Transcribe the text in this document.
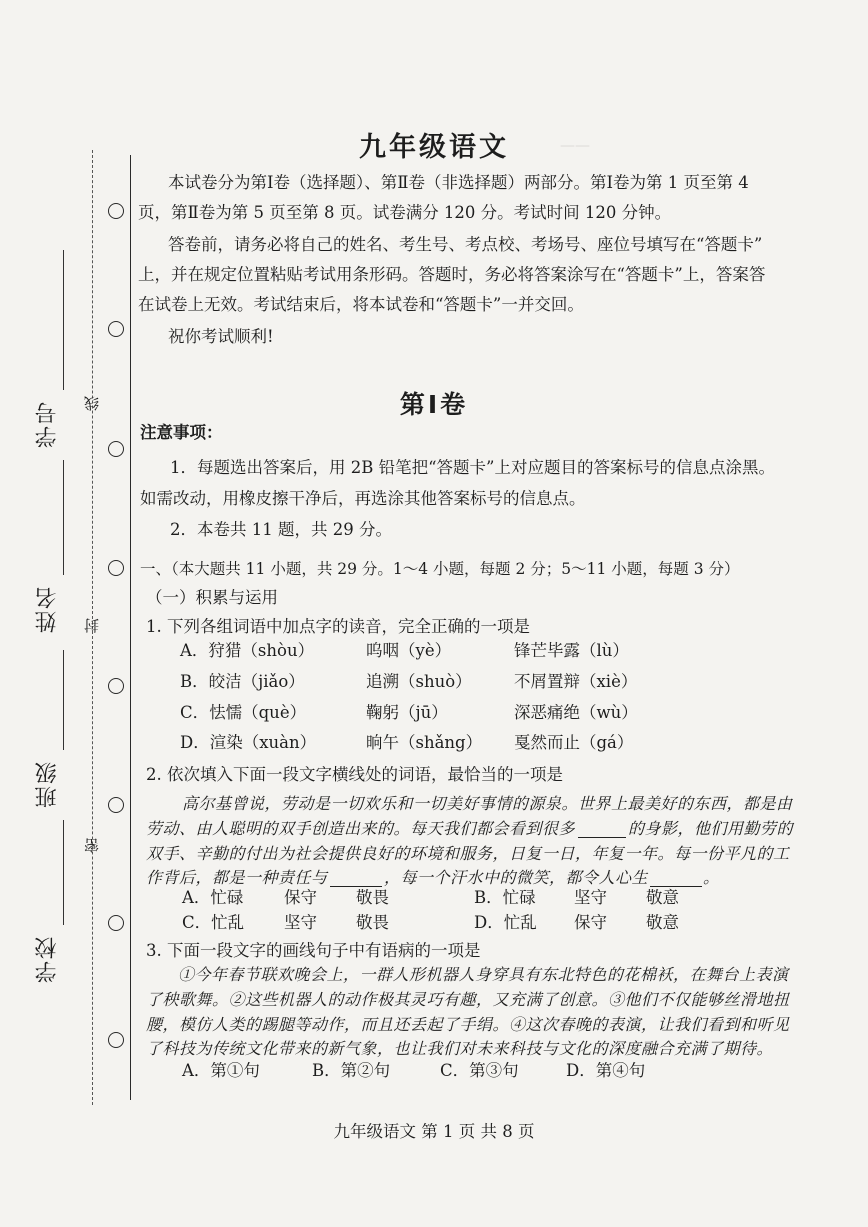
——
学号
姓名
班级
学校
线
封
密
九年级语文
本试卷分为第Ⅰ卷（选择题）、第Ⅱ卷（非选择题）两部分。第Ⅰ卷为第 1 页至第 4
页，第Ⅱ卷为第 5 页至第 8 页。试卷满分 120 分。考试时间 120 分钟。
答卷前，请务必将自己的姓名、考生号、考点校、考场号、座位号填写在“答题卡”
上，并在规定位置粘贴考试用条形码。答题时，务必将答案涂写在“答题卡”上，答案答
在试卷上无效。考试结束后，将本试卷和“答题卡”一并交回。
祝你考试顺利!
第Ⅰ卷
注意事项：
1．每题选出答案后，用 2B 铅笔把“答题卡”上对应题目的答案标号的信息点涂黑。
如需改动，用橡皮擦干净后，再选涂其他答案标号的信息点。
2．本卷共 11 题，共 29 分。
一、（本大题共 11 小题，共 29 分。1～4 小题，每题 2 分；5～11 小题，每题 3 分）
（一）积累与运用
1. 下列各组词语中加点字的读音，完全正确的一项是
A．狩猎（shòu）	呜咽（yè）	锋芒毕露（lù）
B．皎洁（jiǎo）	追溯（shuò）	不屑置辩（xiè）
C．怯懦（què）	鞠躬（jū）	深恶痛绝（wù）
D．渲染（xuàn）	晌午（shǎng） 戛然而止（gá）
2. 依次填入下面一段文字横线处的词语，最恰当的一项是
高尔基曾说，劳动是一切欢乐和一切美好事情的源泉。世界上最美好的东西，都是由
劳动、由人聪明的双手创造出来的。每天我们都会看到很多	的身影，他们用勤劳的
双手、辛勤的付出为社会提供良好的环境和服务，日复一日，年复一年。每一份平凡的工
作背后，都是一种责任与	，每一个汗水中的微笑，都令人心生	。
A．忙碌 保守 敬畏	B．忙碌 坚守 敬意
C．忙乱 坚守 敬畏	D．忙乱 保守 敬意
3. 下面一段文字的画线句子中有语病的一项是
①今年春节联欢晚会上，一群人形机器人身穿具有东北特色的花棉袄，在舞台上表演
了秧歌舞。②这些机器人的动作极其灵巧有趣，又充满了创意。③他们不仅能够丝滑地扭
腰，模仿人类的踢腿等动作，而且还丢起了手绢。④这次春晚的表演，让我们看到和听见
了科技为传统文化带来的新气象，也让我们对未来科技与文化的深度融合充满了期待。
A．第①句	B．第②句	C．第③句	D．第④句
九年级语文 第 1 页 共 8 页
